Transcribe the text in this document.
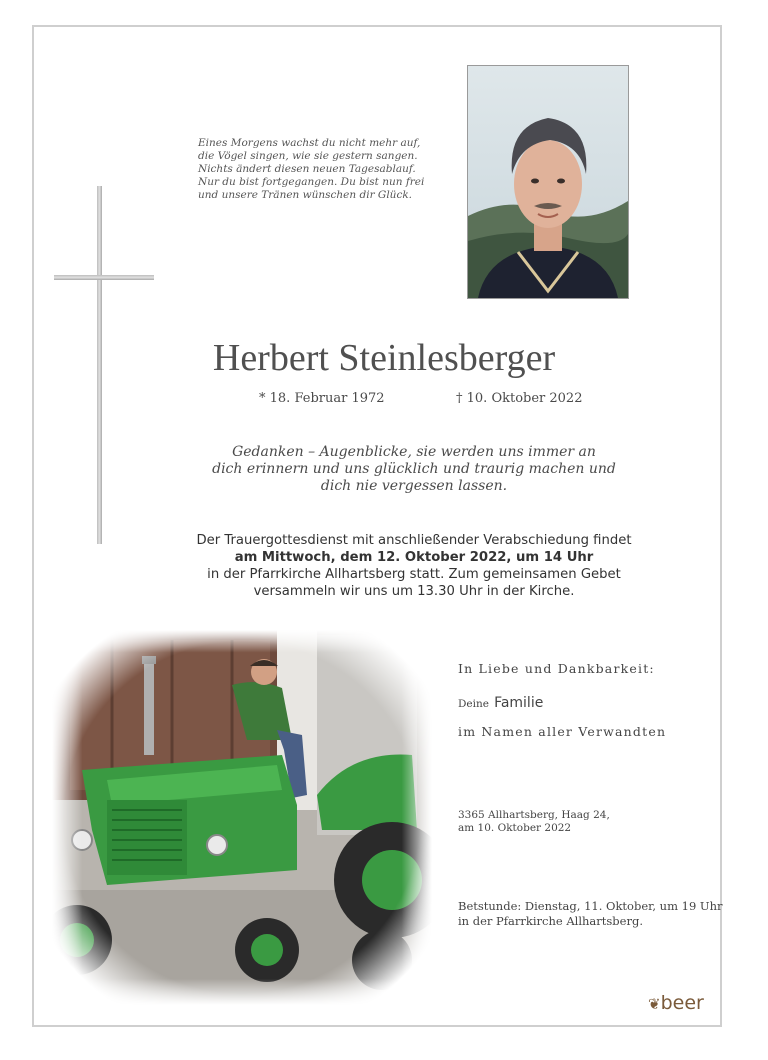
Eines Morgens wachst du nicht mehr auf,
die Vögel singen, wie sie gestern sangen.
Nichts ändert diesen neuen Tagesablauf.
Nur du bist fortgegangen. Du bist nun frei
und unsere Tränen wünschen dir Glück.
Herbert Steinlesberger
* 18. Februar 1972	† 10. Oktober 2022
Gedanken – Augenblicke, sie werden uns immer an
dich erinnern und uns glücklich und traurig machen und
dich nie vergessen lassen.
Der Trauergottesdienst mit anschließender Verabschiedung findet
am Mittwoch, dem 12. Oktober 2022, um 14 Uhr
in der Pfarrkirche Allhartsberg statt. Zum gemeinsamen Gebet
versammeln wir uns um 13.30 Uhr in der Kirche.
In Liebe und Dankbarkeit:
Deine Familie
im Namen aller Verwandten
3365 Allhartsberg, Haag 24,
am 10. Oktober 2022
Betstunde: Dienstag, 11. Oktober, um 19 Uhr
in der Pfarrkirche Allhartsberg.
❦beer
